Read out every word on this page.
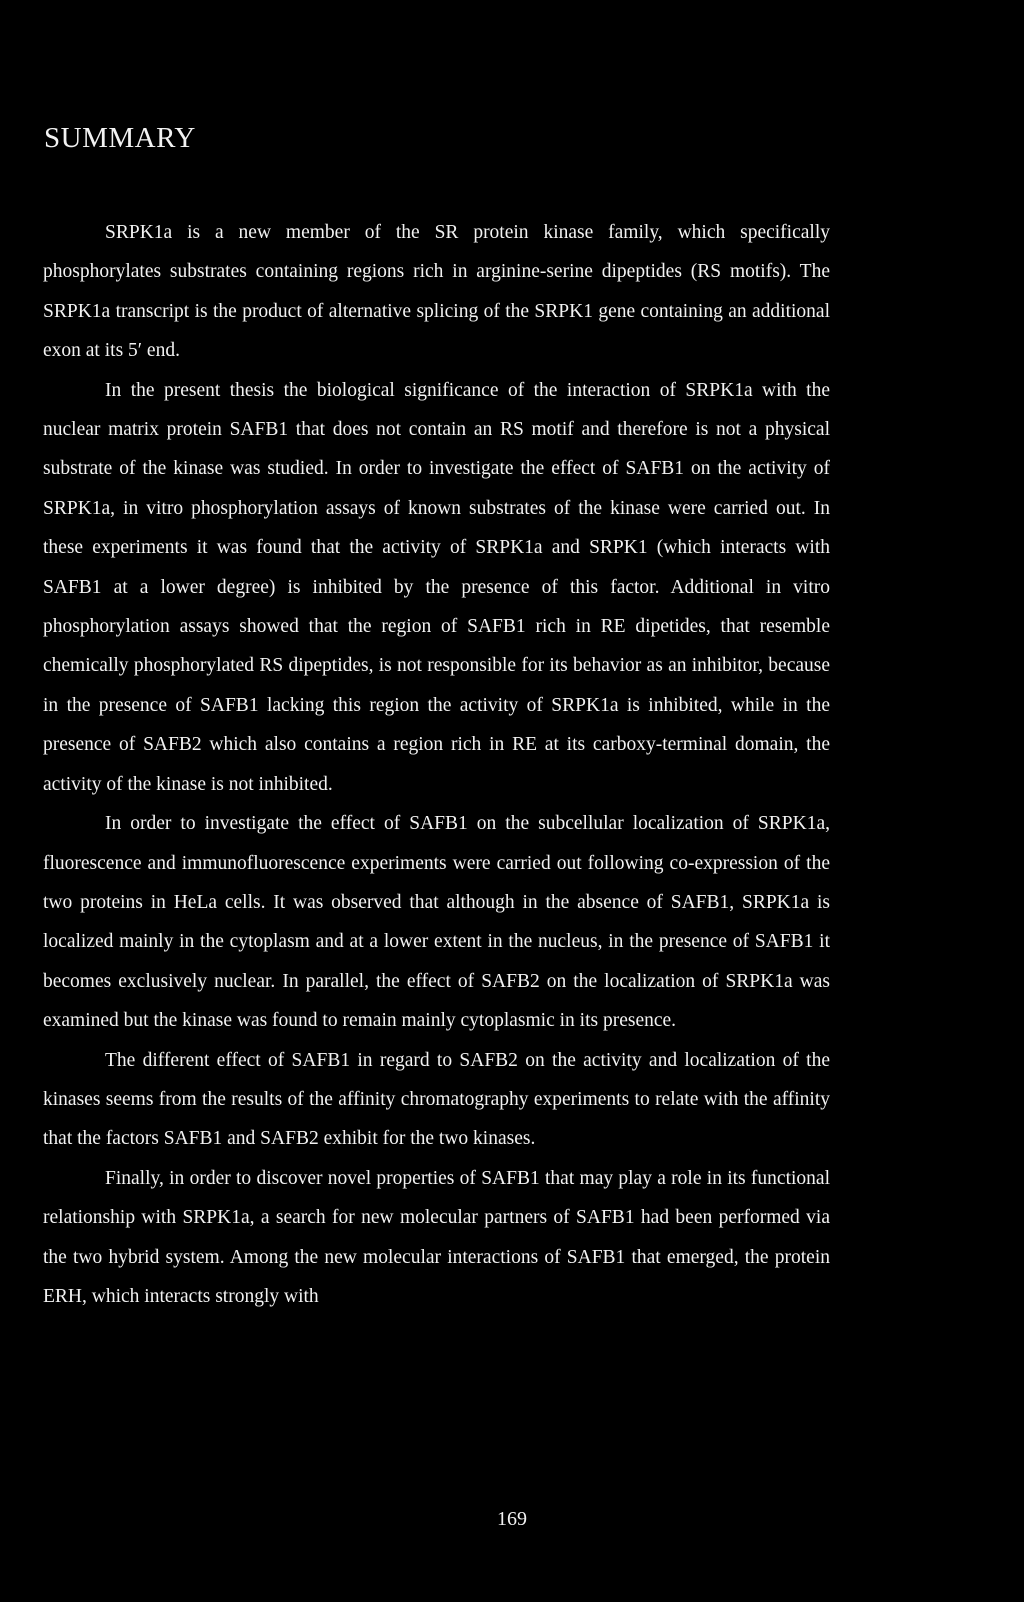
SUMMARY

SRPK1a is a new member of the SR protein kinase family, which specifically phosphorylates substrates containing regions rich in arginine-serine dipeptides (RS motifs). The SRPK1a transcript is the product of alternative splicing of the SRPK1 gene containing an additional exon at its 5′ end.

In the present thesis the biological significance of the interaction of SRPK1a with the nuclear matrix protein SAFB1 that does not contain an RS motif and therefore is not a physical substrate of the kinase was studied. In order to investigate the effect of SAFB1 on the activity of SRPK1a, in vitro phosphorylation assays of known substrates of the kinase were carried out. In these experiments it was found that the activity of SRPK1a and SRPK1 (which interacts with SAFB1 at a lower degree) is inhibited by the presence of this factor. Additional in vitro phosphorylation assays showed that the region of SAFB1 rich in RE dipetides, that resemble chemically phosphorylated RS dipeptides, is not responsible for its behavior as an inhibitor, because in the presence of SAFB1 lacking this region the activity of SRPK1a is inhibited, while in the presence of SAFB2 which also contains a region rich in RE at its carboxy-terminal domain, the activity of the kinase is not inhibited.

In order to investigate the effect of SAFB1 on the subcellular localization of SRPK1a, fluorescence and immunofluorescence experiments were carried out following co-expression of the two proteins in HeLa cells. It was observed that although in the absence of SAFB1, SRPK1a is localized mainly in the cytoplasm and at a lower extent in the nucleus, in the presence of SAFB1 it becomes exclusively nuclear. In parallel, the effect of SAFB2 on the localization of SRPK1a was examined but the kinase was found to remain mainly cytoplasmic in its presence.

The different effect of SAFB1 in regard to SAFB2 on the activity and localization of the kinases seems from the results of the affinity chromatography experiments to relate with the affinity that the factors SAFB1 and SAFB2 exhibit for the two kinases.

Finally, in order to discover novel properties of SAFB1 that may play a role in its functional relationship with SRPK1a, a search for new molecular partners of SAFB1 had been performed via the two hybrid system. Among the new molecular interactions of SAFB1 that emerged, the protein ERH, which interacts strongly with

169
